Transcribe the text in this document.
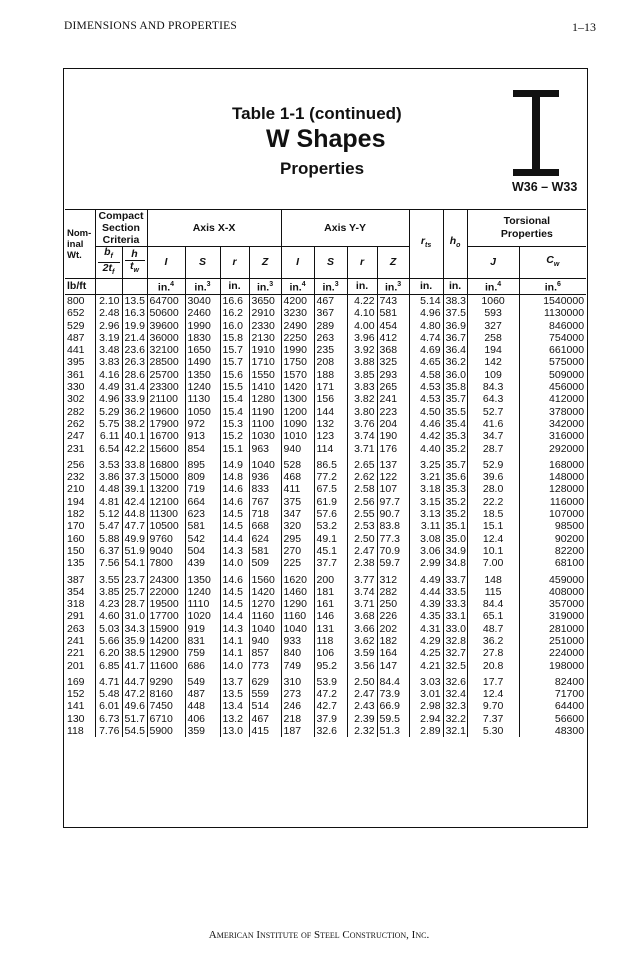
DIMENSIONS AND PROPERTIES	1–13
Table 1-1 (continued)
W Shapes
Properties
W36 – W33
Nom-
inal
Wt.	Compact
Section
Criteria		Axis X-X				Axis Y-Y				$r_{ts}$	$h_o$	Torsional
Properties	

	$b_f$
$2t_f$	h
$t_w$	I	S	r	Z	I	S	r	Z			J	$C_w$
lb/ft			in.$^4$	in.$^3$	in.	in.$^3$	in.$^4$	in.$^3$	in.	in.$^3$	in.	in.	in.$^4$	in.$^6$
800	2.10	13.5	64700	3040	16.6	3650	4200	467	4.22	743	5.14	38.3	1060	1540000
652	2.48	16.3	50600	2460	16.2	2910	3230	367	4.10	581	4.96	37.5	593	1130000
529	2.96	19.9	39600	1990	16.0	2330	2490	289	4.00	454	4.80	36.9	327	846000
487	3.19	21.4	36000	1830	15.8	2130	2250	263	3.96	412	4.74	36.7	258	754000
441	3.48	23.6	32100	1650	15.7	1910	1990	235	3.92	368	4.69	36.4	194	661000
395	3.83	26.3	28500	1490	15.7	1710	1750	208	3.88	325	4.65	36.2	142	575000
361	4.16	28.6	25700	1350	15.6	1550	1570	188	3.85	293	4.58	36.0	109	509000
330	4.49	31.4	23300	1240	15.5	1410	1420	171	3.83	265	4.53	35.8	84.3	456000
302	4.96	33.9	21100	1130	15.4	1280	1300	156	3.82	241	4.53	35.7	64.3	412000
282	5.29	36.2	19600	1050	15.4	1190	1200	144	3.80	223	4.50	35.5	52.7	378000
262	5.75	38.2	17900	972	15.3	1100	1090	132	3.76	204	4.46	35.4	41.6	342000
247	6.11	40.1	16700	913	15.2	1030	1010	123	3.74	190	4.42	35.3	34.7	316000
231	6.54	42.2	15600	854	15.1	963	940	114	3.71	176	4.40	35.2	28.7	292000
256	3.53	33.8	16800	895	14.9	1040	528	86.5	2.65	137	3.25	35.7	52.9	168000
232	3.86	37.3	15000	809	14.8	936	468	77.2	2.62	122	3.21	35.6	39.6	148000
210	4.48	39.1	13200	719	14.6	833	411	67.5	2.58	107	3.18	35.3	28.0	128000
194	4.81	42.4	12100	664	14.6	767	375	61.9	2.56	97.7	3.15	35.2	22.2	116000
182	5.12	44.8	11300	623	14.5	718	347	57.6	2.55	90.7	3.13	35.2	18.5	107000
170	5.47	47.7	10500	581	14.5	668	320	53.2	2.53	83.8	3.11	35.1	15.1	98500
160	5.88	49.9	9760	542	14.4	624	295	49.1	2.50	77.3	3.08	35.0	12.4	90200
150	6.37	51.9	9040	504	14.3	581	270	45.1	2.47	70.9	3.06	34.9	10.1	82200
135	7.56	54.1	7800	439	14.0	509	225	37.7	2.38	59.7	2.99	34.8	7.00	68100
387	3.55	23.7	24300	1350	14.6	1560	1620	200	3.77	312	4.49	33.7	148	459000
354	3.85	25.7	22000	1240	14.5	1420	1460	181	3.74	282	4.44	33.5	115	408000
318	4.23	28.7	19500	1110	14.5	1270	1290	161	3.71	250	4.39	33.3	84.4	357000
291	4.60	31.0	17700	1020	14.4	1160	1160	146	3.68	226	4.35	33.1	65.1	319000
263	5.03	34.3	15900	919	14.3	1040	1040	131	3.66	202	4.31	33.0	48.7	281000
241	5.66	35.9	14200	831	14.1	940	933	118	3.62	182	4.29	32.8	36.2	251000
221	6.20	38.5	12900	759	14.1	857	840	106	3.59	164	4.25	32.7	27.8	224000
201	6.85	41.7	11600	686	14.0	773	749	95.2	3.56	147	4.21	32.5	20.8	198000
169	4.71	44.7	9290	549	13.7	629	310	53.9	2.50	84.4	3.03	32.6	17.7	82400
152	5.48	47.2	8160	487	13.5	559	273	47.2	2.47	73.9	3.01	32.4	12.4	71700
141	6.01	49.6	7450	448	13.4	514	246	42.7	2.43	66.9	2.98	32.3	9.70	64400
130	6.73	51.7	6710	406	13.2	467	218	37.9	2.39	59.5	2.94	32.2	7.37	56600
118	7.76	54.5	5900	359	13.0	415	187	32.6	2.32	51.3	2.89	32.1	5.30	48300
American Institute of Steel Construction, Inc.
